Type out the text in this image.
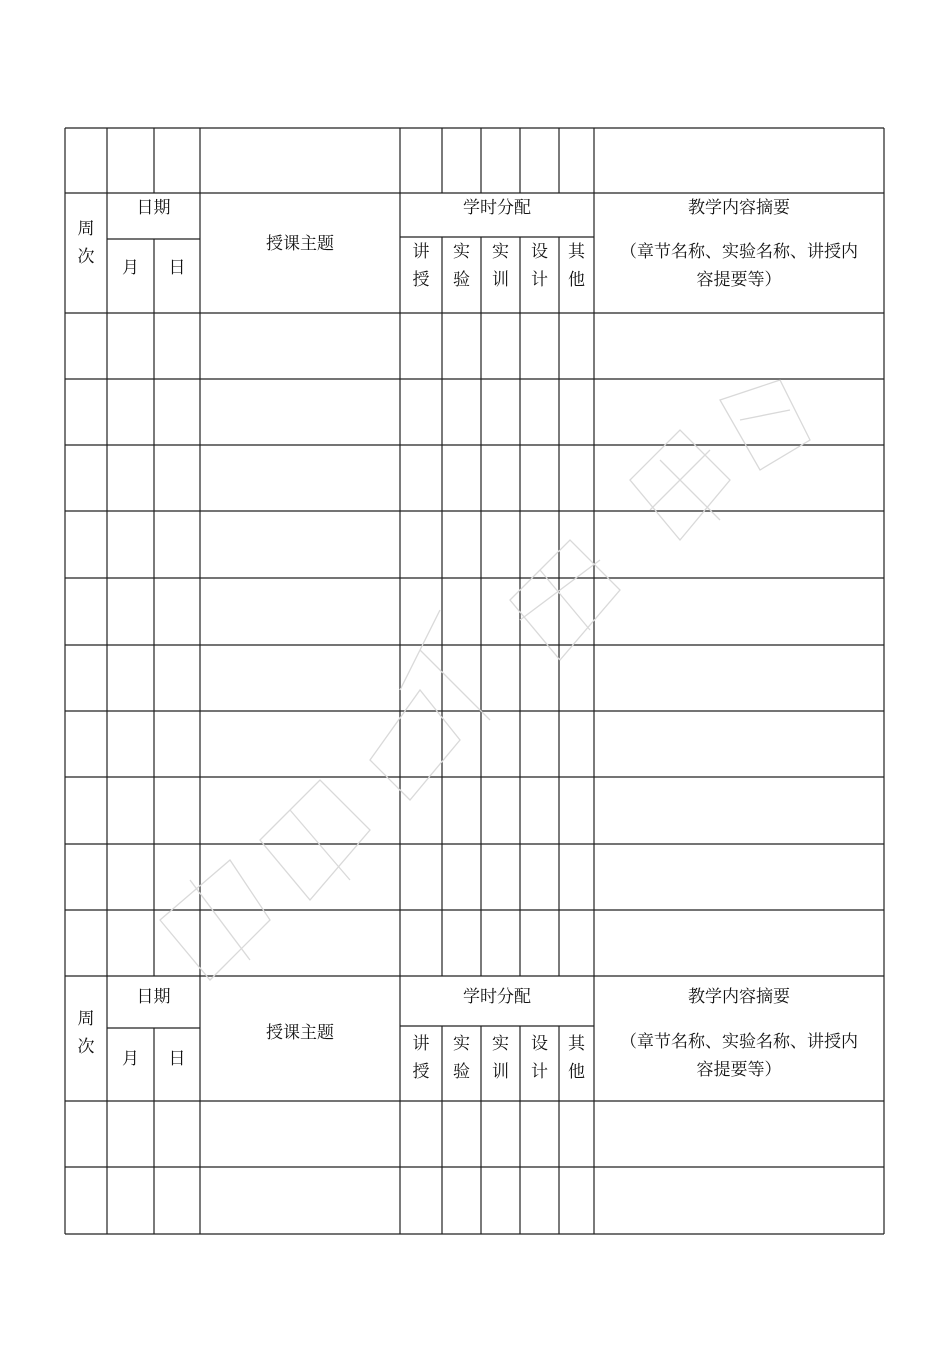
周
次
日期
月	日
授课主题
学时分配
讲
授
实
验
实
训
设
计
其
他
教学内容摘要
（章节名称、实验名称、讲授内
容提要等）
周
次
日期
月	日
授课主题
学时分配
讲
授
实
验
实
训
设
计
其
他
教学内容摘要
（章节名称、实验名称、讲授内
容提要等）
